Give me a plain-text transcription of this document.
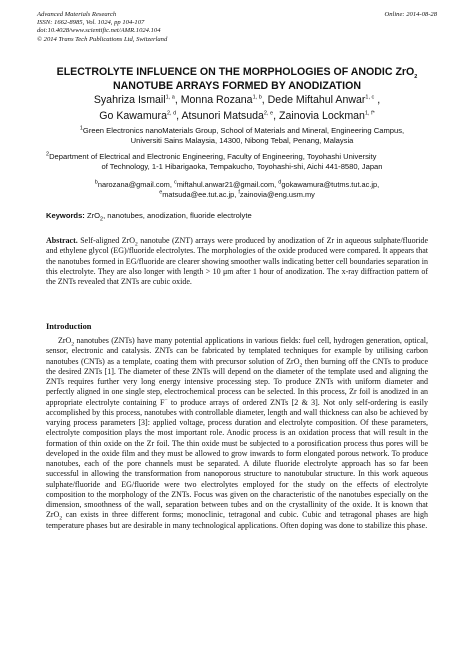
Advanced Materials Research
ISSN: 1662-8985, Vol. 1024, pp 104-107
doi:10.4028/www.scientific.net/AMR.1024.104
© 2014 Trans Tech Publications Ltd, Switzerland
Online: 2014-08-28
ELECTROLYTE INFLUENCE ON THE MORPHOLOGIES OF ANODIC ZrO$_2$
NANOTUBE ARRAYS FORMED BY ANODIZATION
Syahriza Ismail$^{1, a}$, Monna Rozana$^{1, b}$, Dede Miftahul Anwar$^{1, c}$ ,
Go Kawamura$^{2, d}$, Atsunori Matsuda$^{2, e}$, Zainovia Lockman$^{1, f*}$
$^1$Green Electronics nanoMaterials Group, School of Materials and Mineral, Engineering Campus,
Universiti Sains Malaysia, 14300, Nibong Tebal, Penang, Malaysia
$^2$Department of Electrical and Electronic Engineering, Faculty of Engineering, Toyohashi University

of Technology, 1-1 Hibarigaoka, Tempakucho, Toyohashi-shi, Aichi 441-8580, Japan
$^b$narozana@gmail.com, $^c$miftahul.anwar21@gmail.com, $^d$gokawamura@tutms.tut.ac.jp,
$^e$matsuda@ee.tut.ac.jp, $^f$zainovia@eng.usm.my
Keywords: ZrO$_2$, nanotubes, anodization, fluoride electrolyte
Abstract. Self-aligned ZrO$_2$ nanotube (ZNT) arrays were produced by anodization of Zr in aqueous sulphate/fluoride and ethylene glycol (EG)/fluoride electrolytes. The morphologies of the oxide produced were compared. It appears that the nanotubes formed in EG/fluoride are clearer showing smoother walls indicating better cell boundaries separation in this electrolyte. They are also longer with length > 10 μm after 1 hour of anodization. The x-ray diffraction pattern of the ZNTs revealed that ZNTs are cubic oxide.
Introduction
ZrO$_2$ nanotubes (ZNTs) have many potential applications in various fields: fuel cell, hydrogen generation, optical, sensor, electronic and catalysis. ZNTs can be fabricated by templated techniques for example by utilising carbon nanotubes (CNTs) as a template, coating them with precursor solution of ZrO$_2$ then burning off the CNTs to produce the desired ZNTs [1]. The diameter of these ZNTs will depend on the diameter of the template used and aligning the ZNTs requires further very long energy intensive processing step. To produce ZNTs with uniform diameter and perfectly aligned in one single step, electrochemical process can be selected. In this process, Zr foil is anodized in an appropriate electrolyte containing F− to produce arrays of ordered ZNTs [2 & 3]. Not only self-ordering is easily accomplished by this process, nanotubes with controllable diameter, length and wall thickness can also be achieved by varying process parameters [3]: applied voltage, process duration and electrolyte composition. Of these parameters, electrolyte composition plays the most important role. Anodic process is an oxidation process that will result in the formation of thin oxide on the Zr foil. The thin oxide must be subjected to a porosification process thus pores will be developed in the oxide film and they must be allowed to grow inwards to form elongated porous network. To produce nanotubes, each of the pore channels must be separated. A dilute fluoride electrolyte approach has so far been successful in allowing the transformation from nanoporous structure to nanotubular structure. In this work aqueous sulphate/fluoride and EG/fluoride were two electrolytes employed for the study on the effects of electrolyte composition to the morphology of the ZNTs. Focus was given on the characteristic of the nanotubes especially on the dimension, smoothness of the wall, separation between tubes and on the crystallinity of the oxide. It is known that ZrO$_2$ can exists in three different forms; monoclinic, tetragonal and cubic. Cubic and tetragonal phases are high temperature phases but are desirable in many technological applications. Often doping was done to stabilize this phase.
